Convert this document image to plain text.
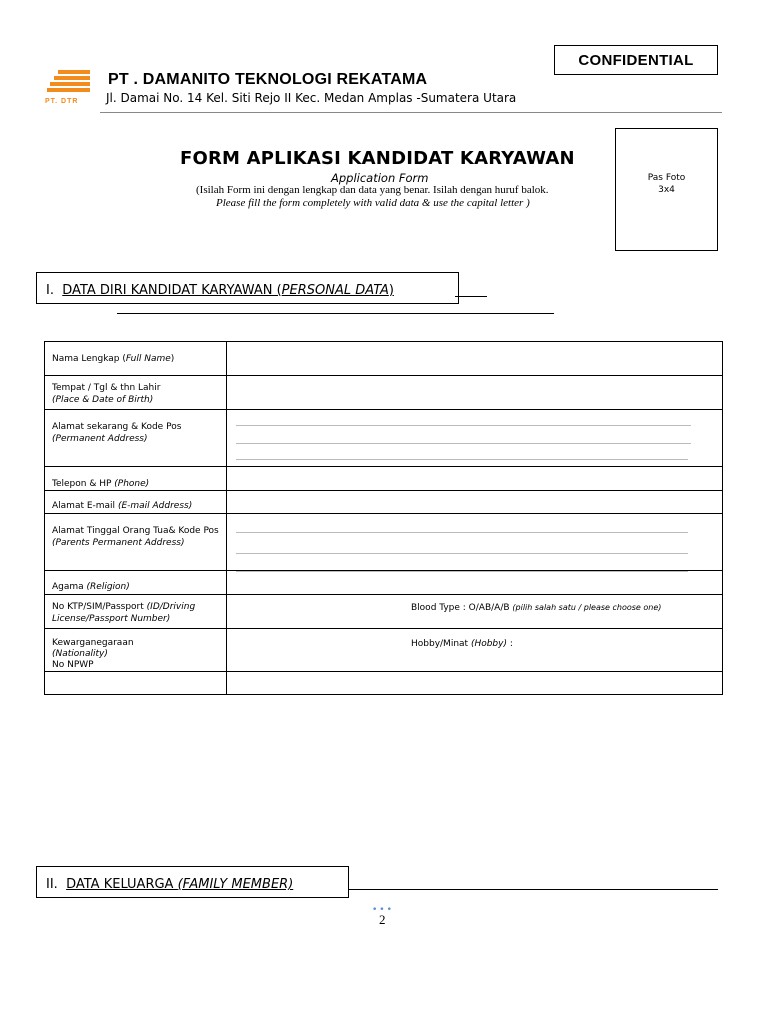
CONFIDENTIAL
PT. DTR
PT . DAMANITO TEKNOLOGI REKATAMA
Jl. Damai No. 14 Kel. Siti Rejo II Kec. Medan Amplas -Sumatera Utara
FORM APLIKASI KANDIDAT KARYAWAN
Application Form
(Isilah Form ini dengan lengkap dan data yang benar. Isilah dengan huruf balok.
Please fill the form completely with valid data & use the capital letter )
Pas Foto
3x4
I. DATA DIRI KANDIDAT KARYAWAN (PERSONAL DATA)
Nama Lengkap (Full Name)	

Tempat / Tgl & thn Lahir
(Place & Date of Birth)	

Alamat sekarang & Kode Pos
(Permanent Address)	

Telepon & HP (Phone)	
Alamat E-mail (E-mail Address)	
Alamat Tinggal Orang Tua& Kode Pos (Parents Permanent Address)	

Agama (Religion)	
No KTP/SIM/Passport (ID/Driving License/Passport Number)	Blood Type : O/AB/A/B (pilih salah satu / please choose one)

Kewarganegaraan
(Nationality)
No NPWP	Hobby/Minat (Hobby) :

II. DATA KELUARGA (FAMILY MEMBER)
•••
2
